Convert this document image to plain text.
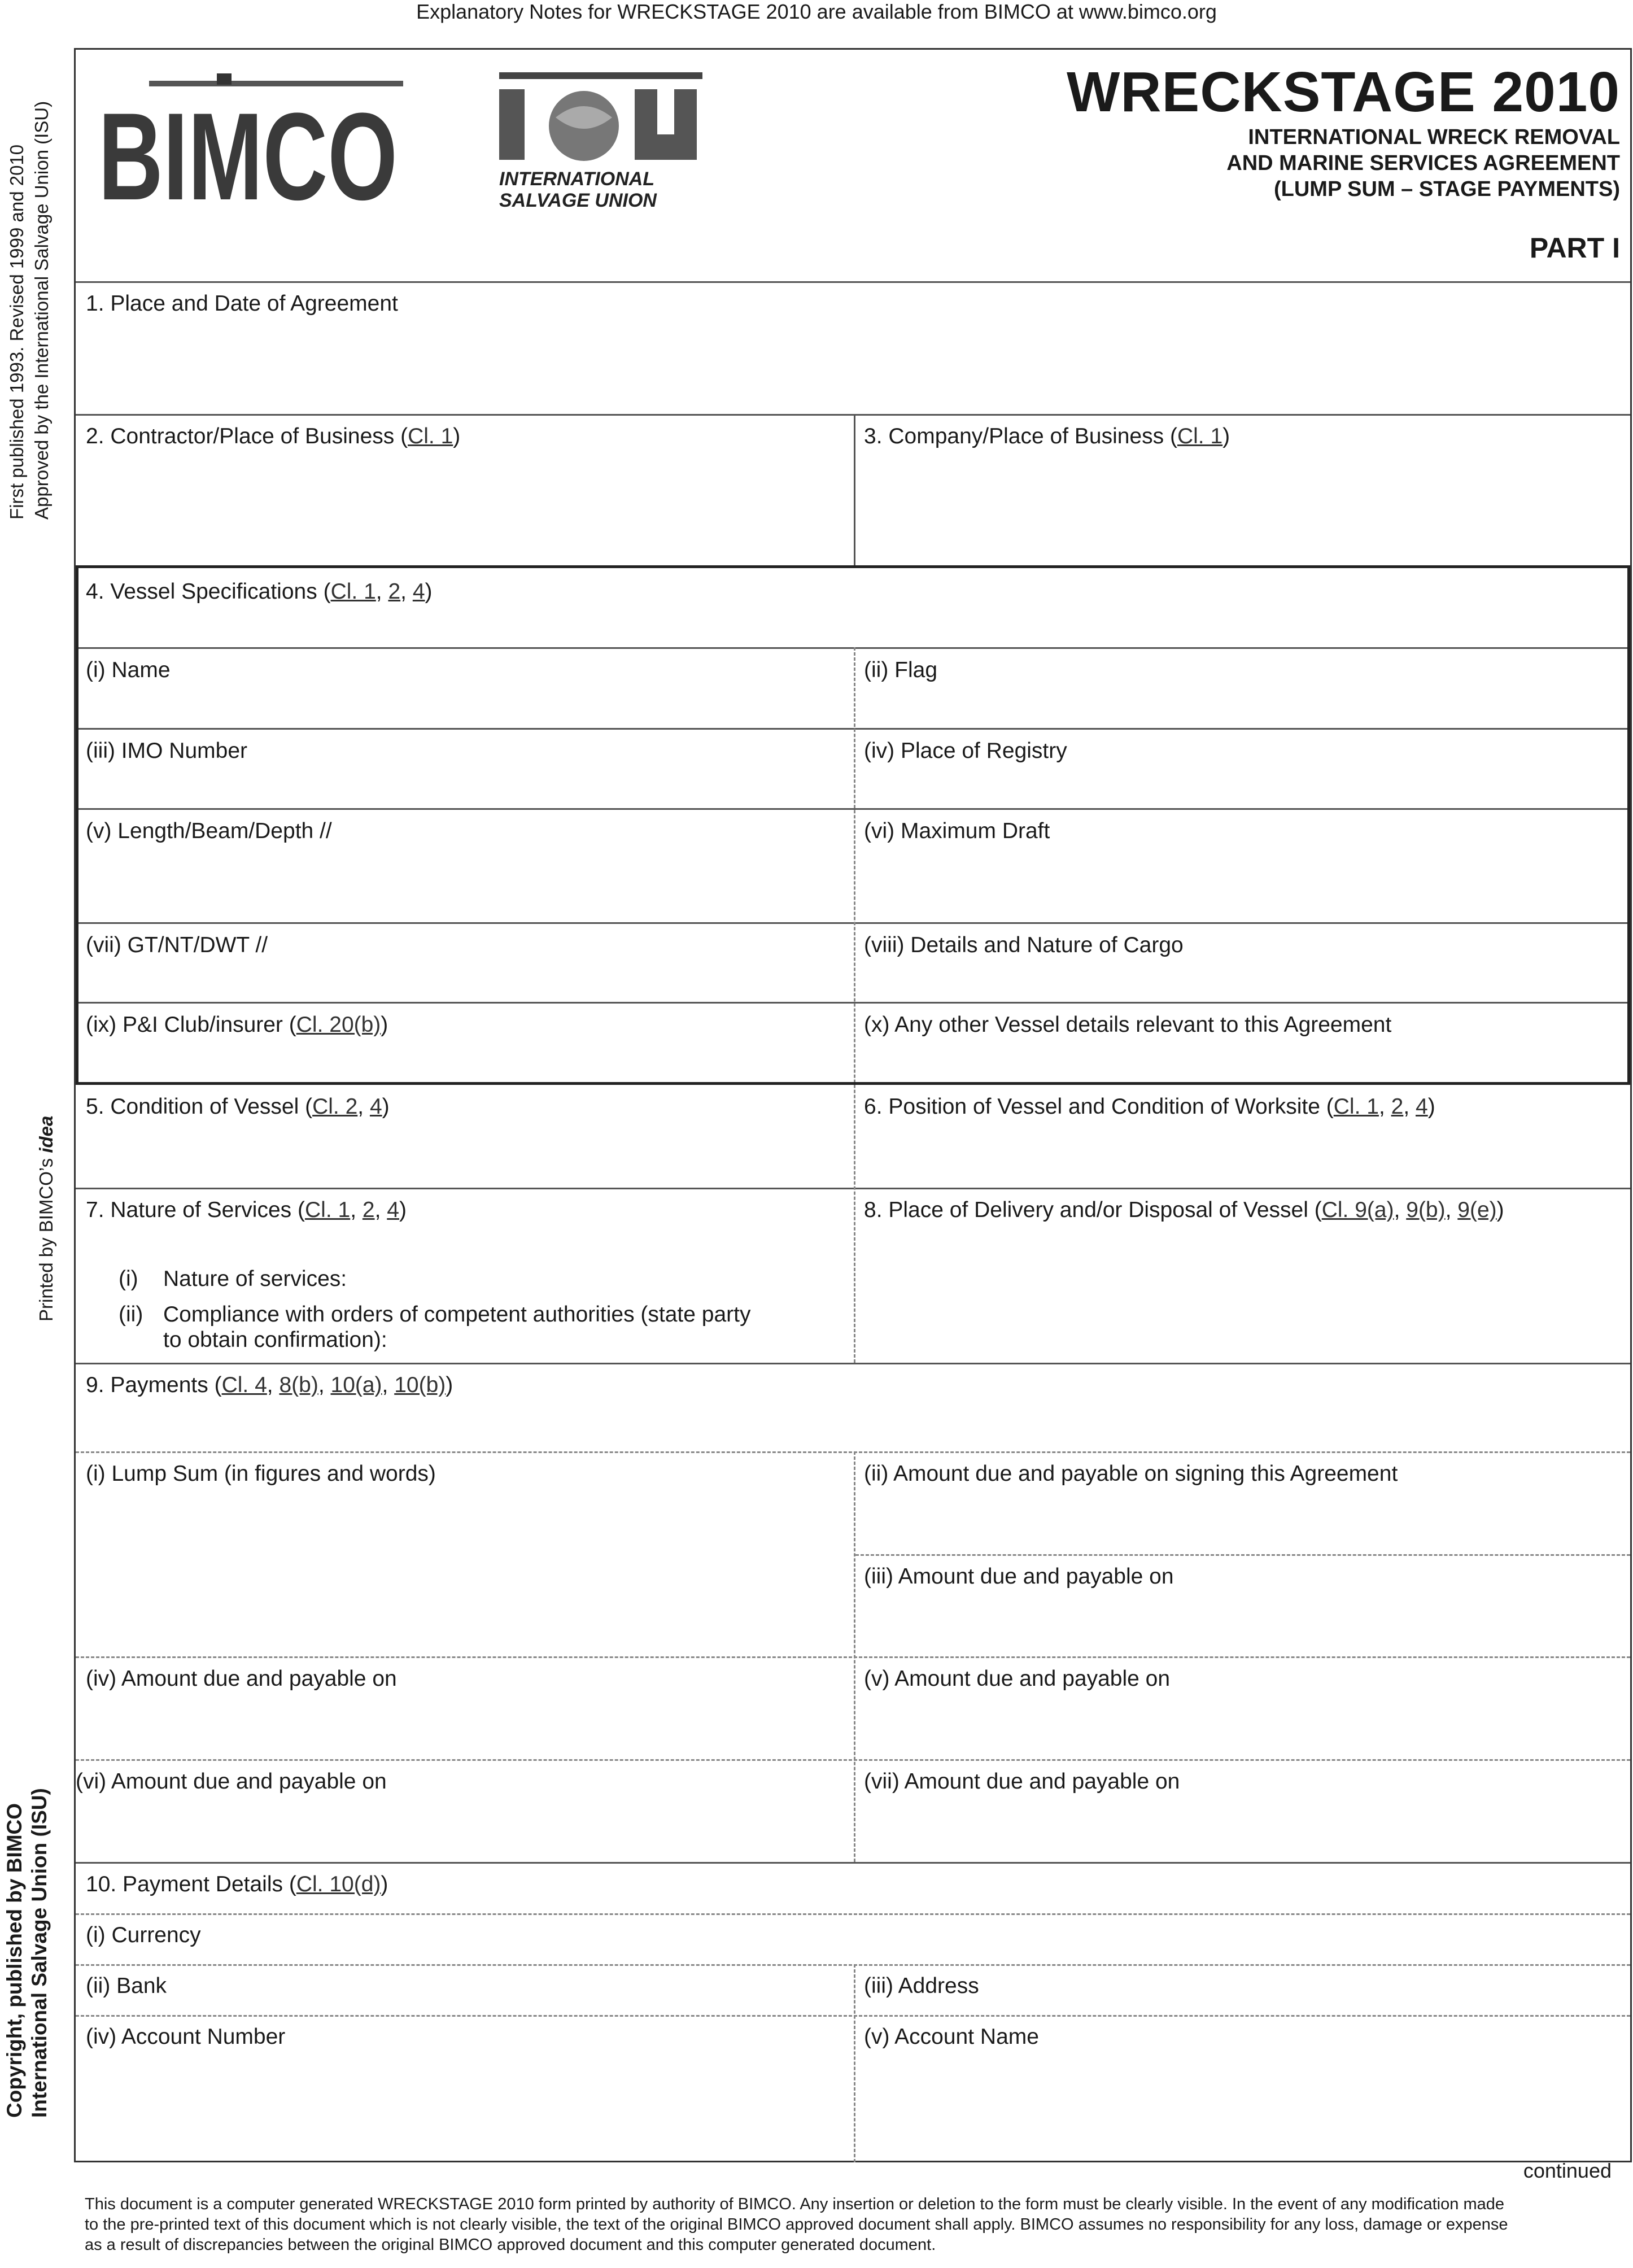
Explanatory Notes for WRECKSTAGE 2010 are available from BIMCO at www.bimco.org
First published 1993. Revised 1999 and 2010 Approved by the International Salvage Union (ISU)
Printed by BIMCO’s idea
Copyright, published by BIMCO International Salvage Union (ISU)
BIMCO	INTERNATIONAL
SALVAGE UNION
WRECKSTAGE 2010
INTERNATIONAL WRECK REMOVAL
AND MARINE SERVICES AGREEMENT
(LUMP SUM – STAGE PAYMENTS)
PART I
1. Place and Date of Agreement
2. Contractor/Place of Business (Cl. 1)	3. Company/Place of Business (Cl. 1)
4. Vessel Specifications (Cl. 1, 2, 4)
(i) Name	(ii) Flag
(iii) IMO Number	(iv) Place of Registry
(v) Length/Beam/Depth //	(vi) Maximum Draft
(vii) GT/NT/DWT //	(viii) Details and Nature of Cargo
(ix) P&I Club/insurer (Cl. 20(b))	(x) Any other Vessel details relevant to this Agreement
5. Condition of Vessel (Cl. 2, 4)	6. Position of Vessel and Condition of Worksite (Cl. 1, 2, 4)
7. Nature of Services (Cl. 1, 2, 4)
(i) Nature of services:
(ii) Compliance with orders of competent authorities (state party
to obtain confirmation):
8. Place of Delivery and/or Disposal of Vessel (Cl. 9(a), 9(b), 9(e))
9. Payments (Cl. 4, 8(b), 10(a), 10(b))
(i) Lump Sum (in figures and words)	(ii) Amount due and payable on signing this Agreement
(iii) Amount due and payable on
(iv) Amount due and payable on	(v) Amount due and payable on
(vi) Amount due and payable on	(vii) Amount due and payable on
10. Payment Details (Cl. 10(d))
(i) Currency
(ii) Bank	(iii) Address
(iv) Account Number	(v) Account Name
continued
This document is a computer generated WRECKSTAGE 2010 form printed by authority of BIMCO. Any insertion or deletion to the form must be clearly visible. In the event of any modification made
to the pre-printed text of this document which is not clearly visible, the text of the original BIMCO approved document shall apply. BIMCO assumes no responsibility for any loss, damage or expense
as a result of discrepancies between the original BIMCO approved document and this computer generated document.
